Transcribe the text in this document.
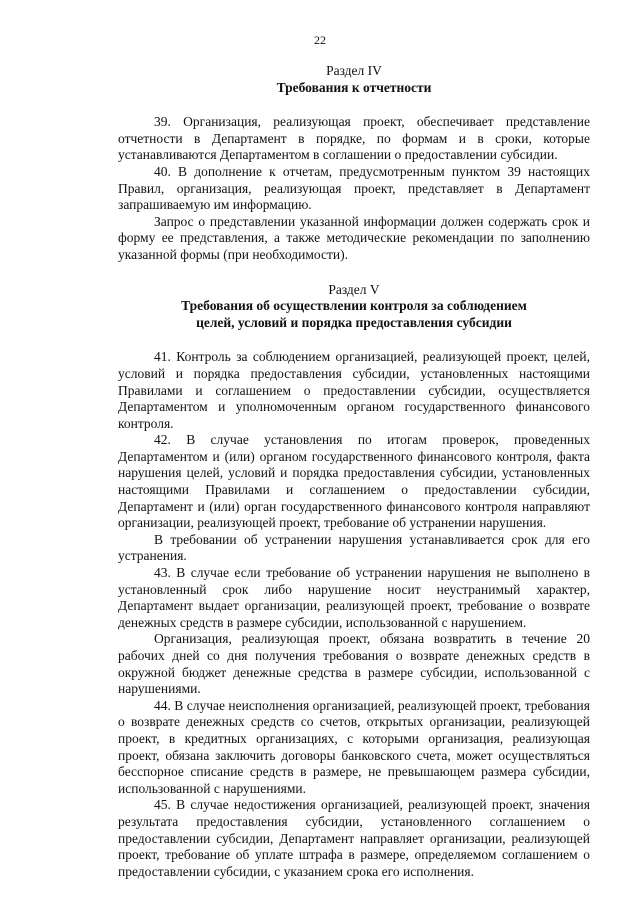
22
Раздел IV
Требования к отчетности

39. Организация, реализующая проект, обеспечивает представление отчетности в Департамент в порядке, по формам и в сроки, которые устанавливаются Департаментом в соглашении о предоставлении субсидии.

40. В дополнение к отчетам, предусмотренным пунктом 39 настоящих Правил, организация, реализующая проект, представляет в Департамент запрашиваемую им информацию.

Запрос о представлении указанной информации должен содержать срок и форму ее представления, а также методические рекомендации по заполнению указанной формы (при необходимости).

Раздел V
Требования об осуществлении контроля за соблюдением
целей, условий и порядка предоставления субсидии

41. Контроль за соблюдением организацией, реализующей проект, целей, условий и порядка предоставления субсидии, установленных настоящими Правилами и соглашением о предоставлении субсидии, осуществляется Департаментом и уполномоченным органом государственного финансового контроля.

42. В случае установления по итогам проверок, проведенных Департаментом и (или) органом государственного финансового контроля, факта нарушения целей, условий и порядка предоставления субсидии, установленных настоящими Правилами и соглашением о предоставлении субсидии, Департамент и (или) орган государственного финансового контроля направляют организации, реализующей проект, требование об устранении нарушения.

В требовании об устранении нарушения устанавливается срок для его устранения.

43. В случае если требование об устранении нарушения не выполнено в установленный срок либо нарушение носит неустранимый характер, Департамент выдает организации, реализующей проект, требование о возврате денежных средств в размере субсидии, использованной с нарушением.

Организация, реализующая проект, обязана возвратить в течение 20 рабочих дней со дня получения требования о возврате денежных средств в окружной бюджет денежные средства в размере субсидии, использованной с нарушениями.

44. В случае неисполнения организацией, реализующей проект, требования о возврате денежных средств со счетов, открытых организации, реализующей проект, в кредитных организациях, с которыми организация, реализующая проект, обязана заключить договоры банковского счета, может осуществляться бесспорное списание средств в размере, не превышающем размера субсидии, использованной с нарушениями.

45. В случае недостижения организацией, реализующей проект, значения результата предоставления субсидии, установленного соглашением о предоставлении субсидии, Департамент направляет организации, реализующей проект, требование об уплате штрафа в размере, определяемом соглашением о предоставлении субсидии, с указанием срока его исполнения.
